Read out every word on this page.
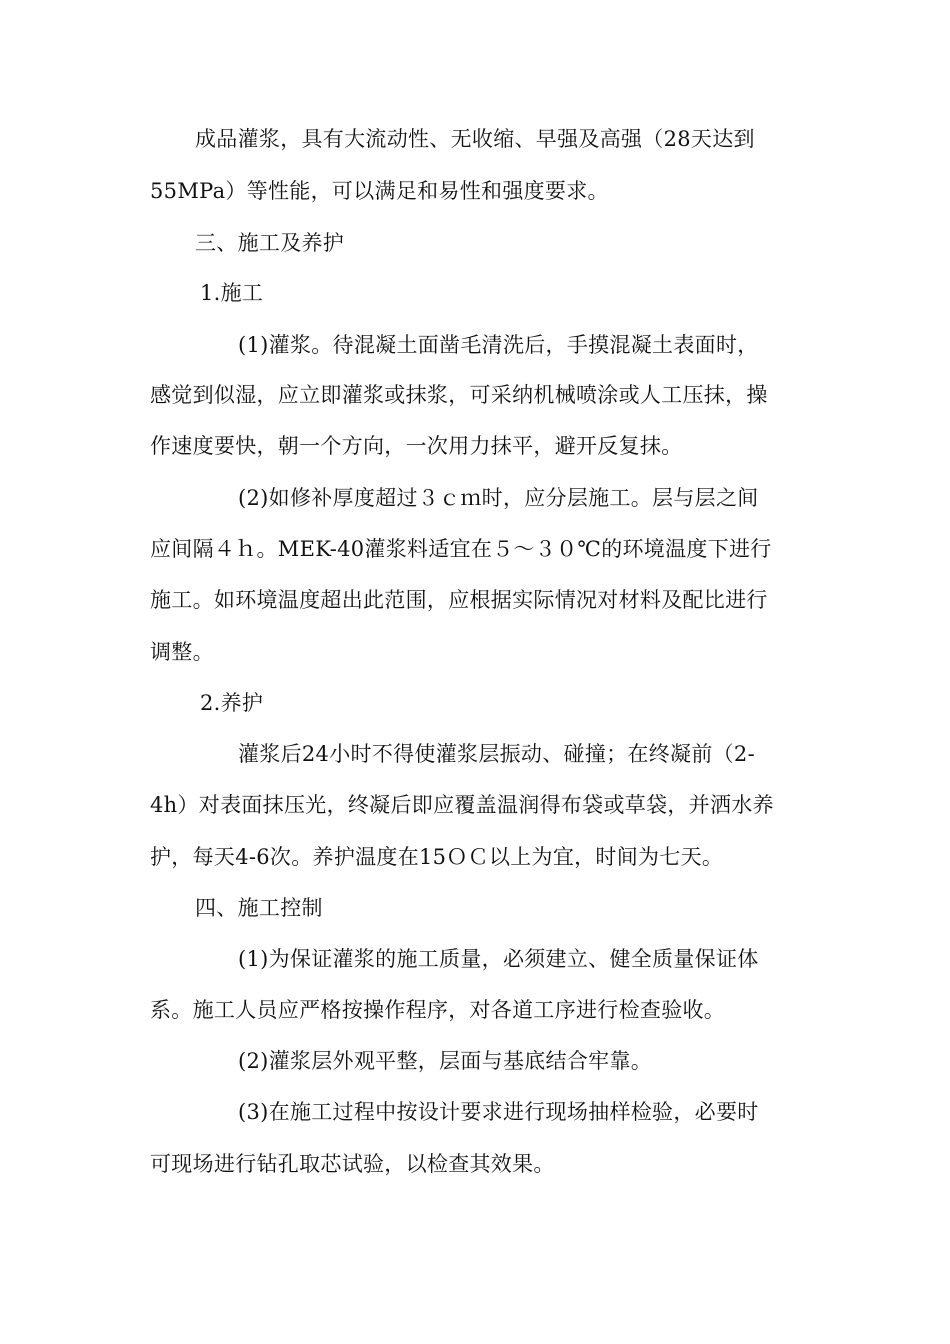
成品灌浆，具有大流动性、无收缩、早强及高强（28天达到
55MPa）等性能，可以满足和易性和强度要求。
三、施工及养护
1.施工
(1)灌浆。待混凝土面凿毛清洗后，手摸混凝土表面时，
感觉到似湿，应立即灌浆或抹浆，可采纳机械喷涂或人工压抹，操
作速度要快，朝一个方向，一次用力抹平，避开反复抹。
(2)如修补厚度超过３ｃｍ时，应分层施工。层与层之间
应间隔４ｈ。MEK-40灌浆料适宜在５～３０℃的环境温度下进行
施工。如环境温度超出此范围，应根据实际情况对材料及配比进行
调整。
2.养护
灌浆后24小时不得使灌浆层振动、碰撞；在终凝前（2-
4h）对表面抹压光，终凝后即应覆盖温润得布袋或草袋，并洒水养
护，每天4-6次。养护温度在15ＯＣ以上为宜，时间为七天。
四、施工控制
(1)为保证灌浆的施工质量，必须建立、健全质量保证体
系。施工人员应严格按操作程序，对各道工序进行检查验收。
(2)灌浆层外观平整，层面与基底结合牢靠。
(3)在施工过程中按设计要求进行现场抽样检验，必要时
可现场进行钻孔取芯试验，以检查其效果。
